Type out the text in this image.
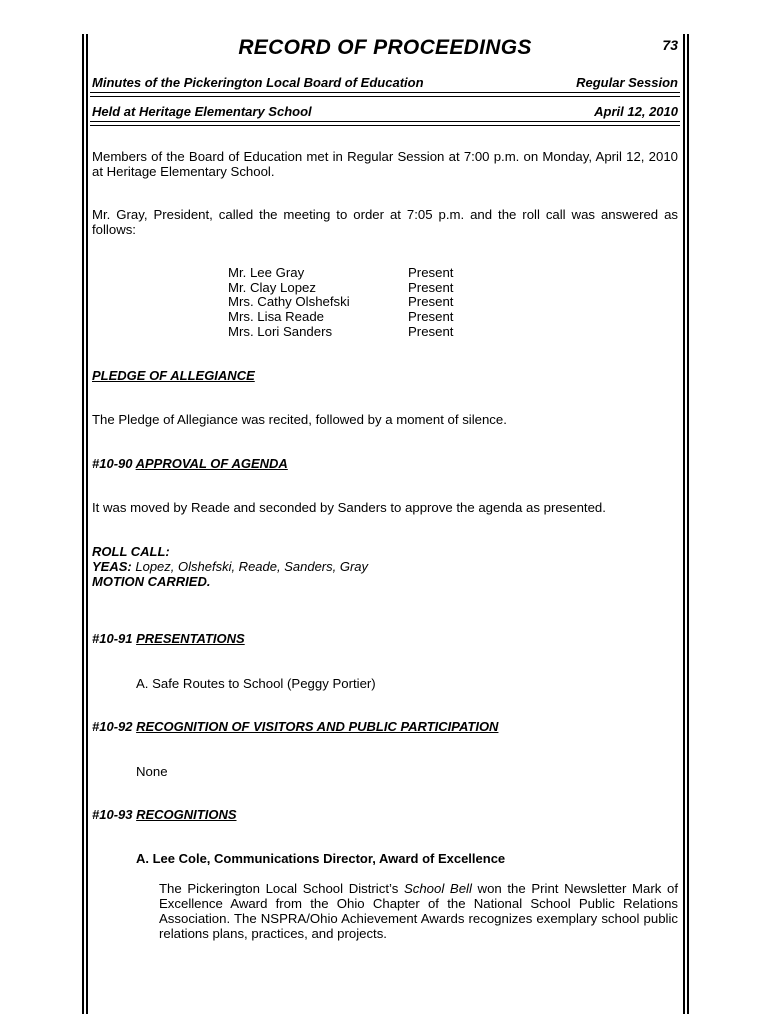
RECORD OF PROCEEDINGS	73
Minutes of the Pickerington Local Board of Education	Regular Session
Held at Heritage Elementary School	April 12, 2010
Members of the Board of Education met in Regular Session at 7:00 p.m. on Monday, April 12, 2010 at Heritage Elementary School.
Mr. Gray, President, called the meeting to order at 7:05 p.m. and the roll call was answered as follows:
Mr. Lee Gray	Present
Mr. Clay Lopez	Present
Mrs. Cathy Olshefski	Present
Mrs. Lisa Reade	Present
Mrs. Lori Sanders	Present
PLEDGE OF ALLEGIANCE
The Pledge of Allegiance was recited, followed by a moment of silence.
#10-90 APPROVAL OF AGENDA
It was moved by Reade and seconded by Sanders to approve the agenda as presented.
ROLL CALL:
YEAS: Lopez, Olshefski, Reade, Sanders, Gray
MOTION CARRIED.
#10-91 PRESENTATIONS
A. Safe Routes to School (Peggy Portier)
#10-92 RECOGNITION OF VISITORS AND PUBLIC PARTICIPATION
None
#10-93 RECOGNITIONS
A. Lee Cole, Communications Director, Award of Excellence
The Pickerington Local School District’s School Bell won the Print Newsletter Mark of Excellence Award from the Ohio Chapter of the National School Public Relations Association. The NSPRA/Ohio Achievement Awards recognizes exemplary school public relations plans, practices, and projects.
